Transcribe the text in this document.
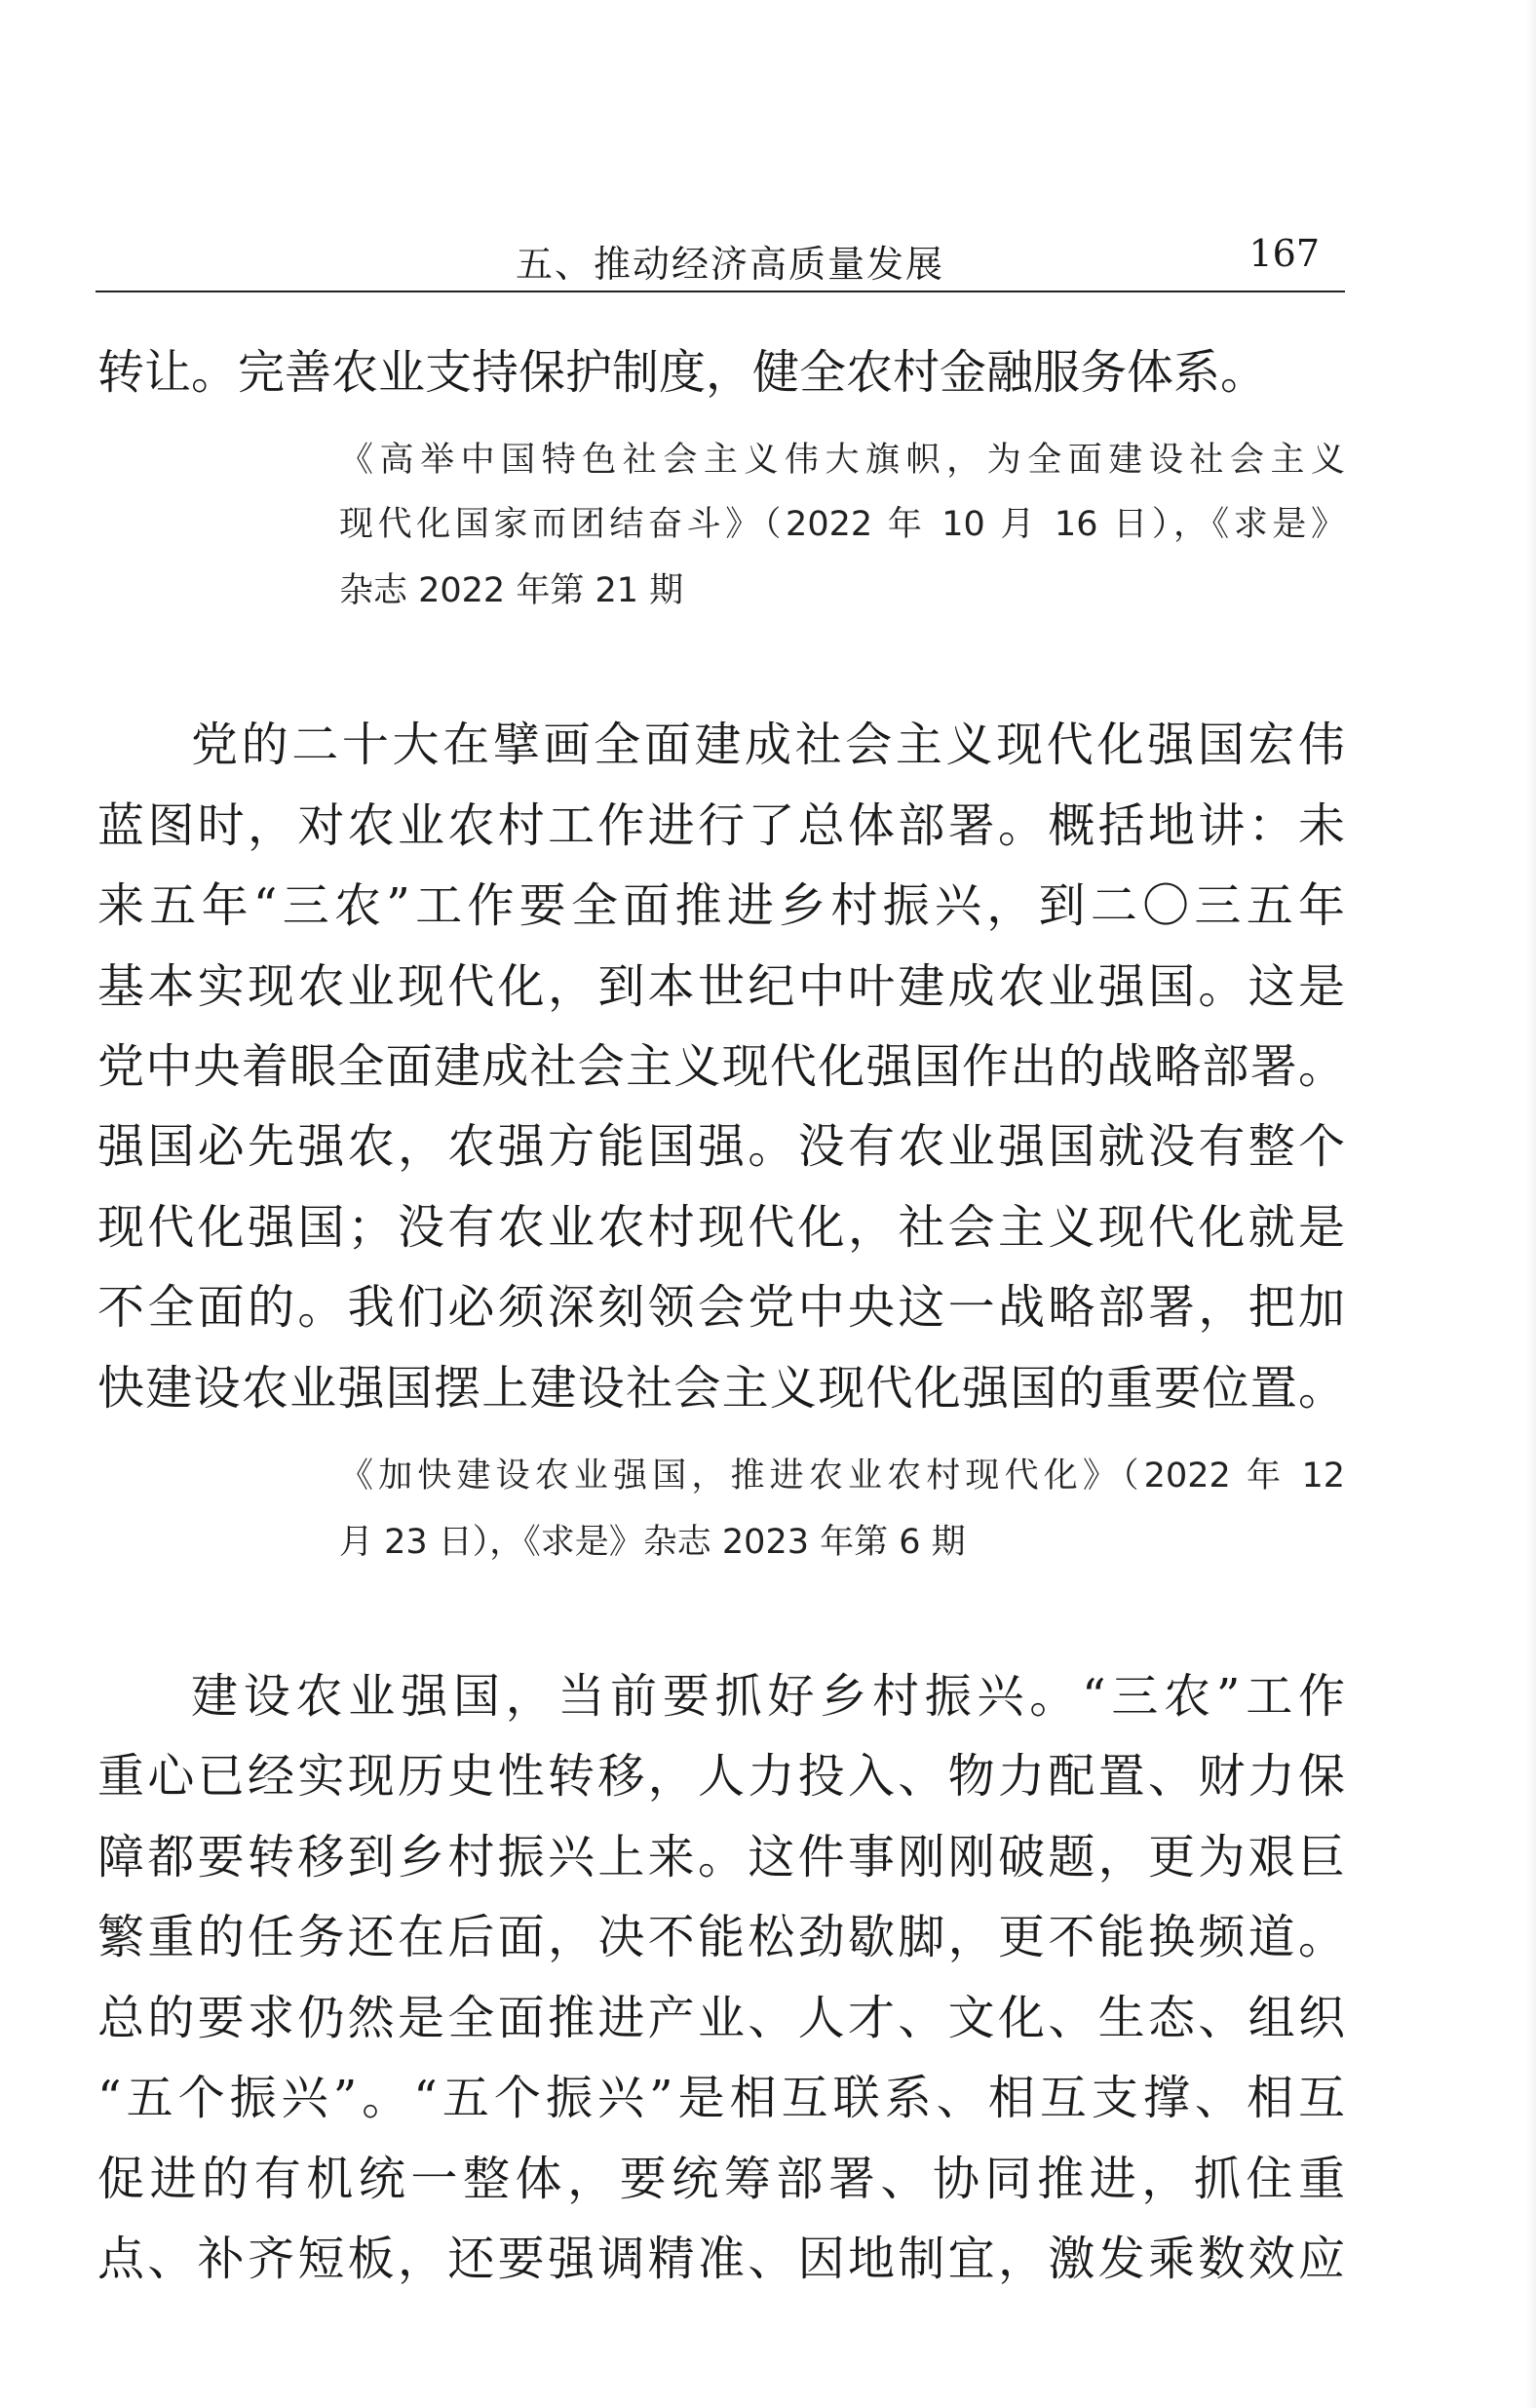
五、推动经济高质量发展	167
转让。完善农业支持保护制度，健全农村金融服务体系。
《高举中国特色社会主义伟大旗帜，为全面建设社会主义
现代化国家而团结奋斗》（2022 年 10 月 16 日），《求是》
杂志 2022 年第 21 期
党的二十大在擘画全面建成社会主义现代化强国宏伟
蓝图时，对农业农村工作进行了总体部署。概括地讲：未
来五年“三农”工作要全面推进乡村振兴，到二〇三五年
基本实现农业现代化，到本世纪中叶建成农业强国。这是
党中央着眼全面建成社会主义现代化强国作出的战略部署。
强国必先强农，农强方能国强。没有农业强国就没有整个
现代化强国；没有农业农村现代化，社会主义现代化就是
不全面的。我们必须深刻领会党中央这一战略部署，把加
快建设农业强国摆上建设社会主义现代化强国的重要位置。
《加快建设农业强国，推进农业农村现代化》（2022 年 12
月 23 日），《求是》杂志 2023 年第 6 期
建设农业强国，当前要抓好乡村振兴。“三农”工作
重心已经实现历史性转移，人力投入、物力配置、财力保
障都要转移到乡村振兴上来。这件事刚刚破题，更为艰巨
繁重的任务还在后面，决不能松劲歇脚，更不能换频道。
总的要求仍然是全面推进产业、人才、文化、生态、组织
“五个振兴”。“五个振兴”是相互联系、相互支撑、相互
促进的有机统一整体，要统筹部署、协同推进，抓住重
点、补齐短板，还要强调精准、因地制宜，激发乘数效应
